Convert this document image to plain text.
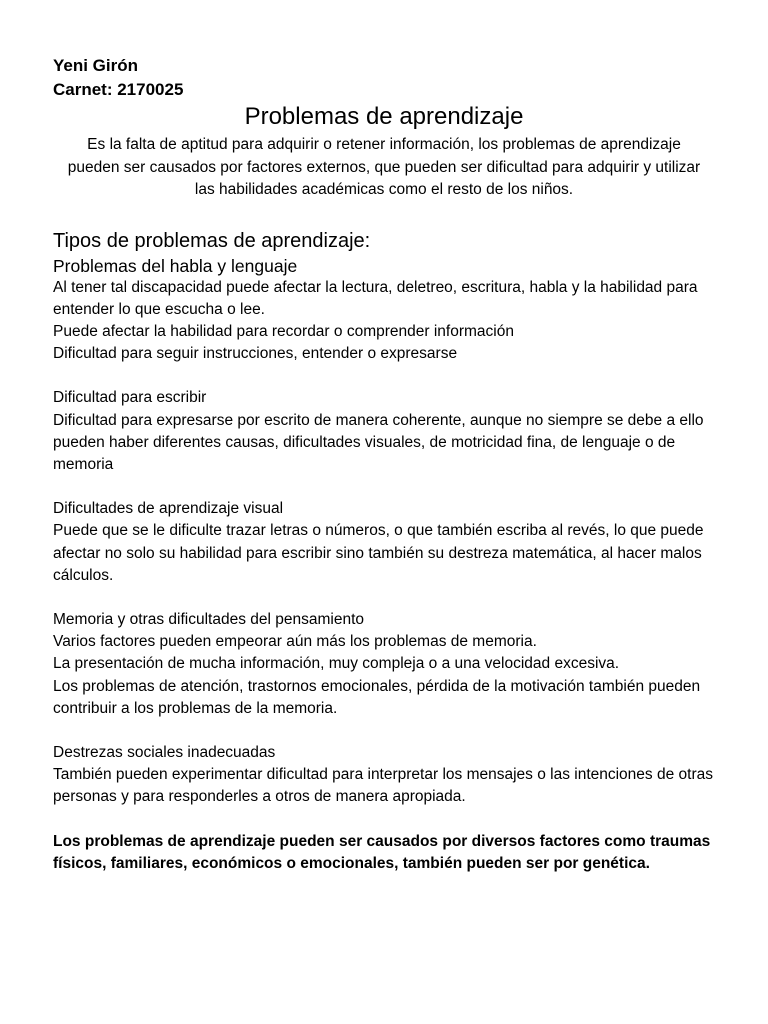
Yeni Girón
Carnet: 2170025
Problemas de aprendizaje
Es la falta de aptitud para adquirir o retener información, los problemas de aprendizaje pueden ser causados por factores externos, que pueden ser dificultad para adquirir y utilizar las habilidades académicas como el resto de los niños.
Tipos de problemas de aprendizaje:
Problemas del habla y lenguaje

Al tener tal discapacidad puede afectar la lectura, deletreo, escritura, habla y la habilidad para entender lo que escucha o lee.

Puede afectar la habilidad para recordar o comprender información

Dificultad para seguir instrucciones, entender o expresarse

Dificultad para escribir

Dificultad para expresarse por escrito de manera coherente, aunque no siempre se debe a ello pueden haber diferentes causas, dificultades visuales, de motricidad fina, de lenguaje o de memoria

Dificultades de aprendizaje visual

Puede que se le dificulte trazar letras o números, o que también escriba al revés, lo que puede afectar no solo su habilidad para escribir sino también su destreza matemática, al hacer malos cálculos.

Memoria y otras dificultades del pensamiento

Varios factores pueden empeorar aún más los problemas de memoria.

La presentación de mucha información, muy compleja o a una velocidad excesiva.

Los problemas de atención, trastornos emocionales, pérdida de la motivación también pueden contribuir a los problemas de la memoria.

Destrezas sociales inadecuadas

También pueden experimentar dificultad para interpretar los mensajes o las intenciones de otras personas y para responderles a otros de manera apropiada.

Los problemas de aprendizaje pueden ser causados por diversos factores como traumas físicos, familiares, económicos o emocionales, también pueden ser por genética.
